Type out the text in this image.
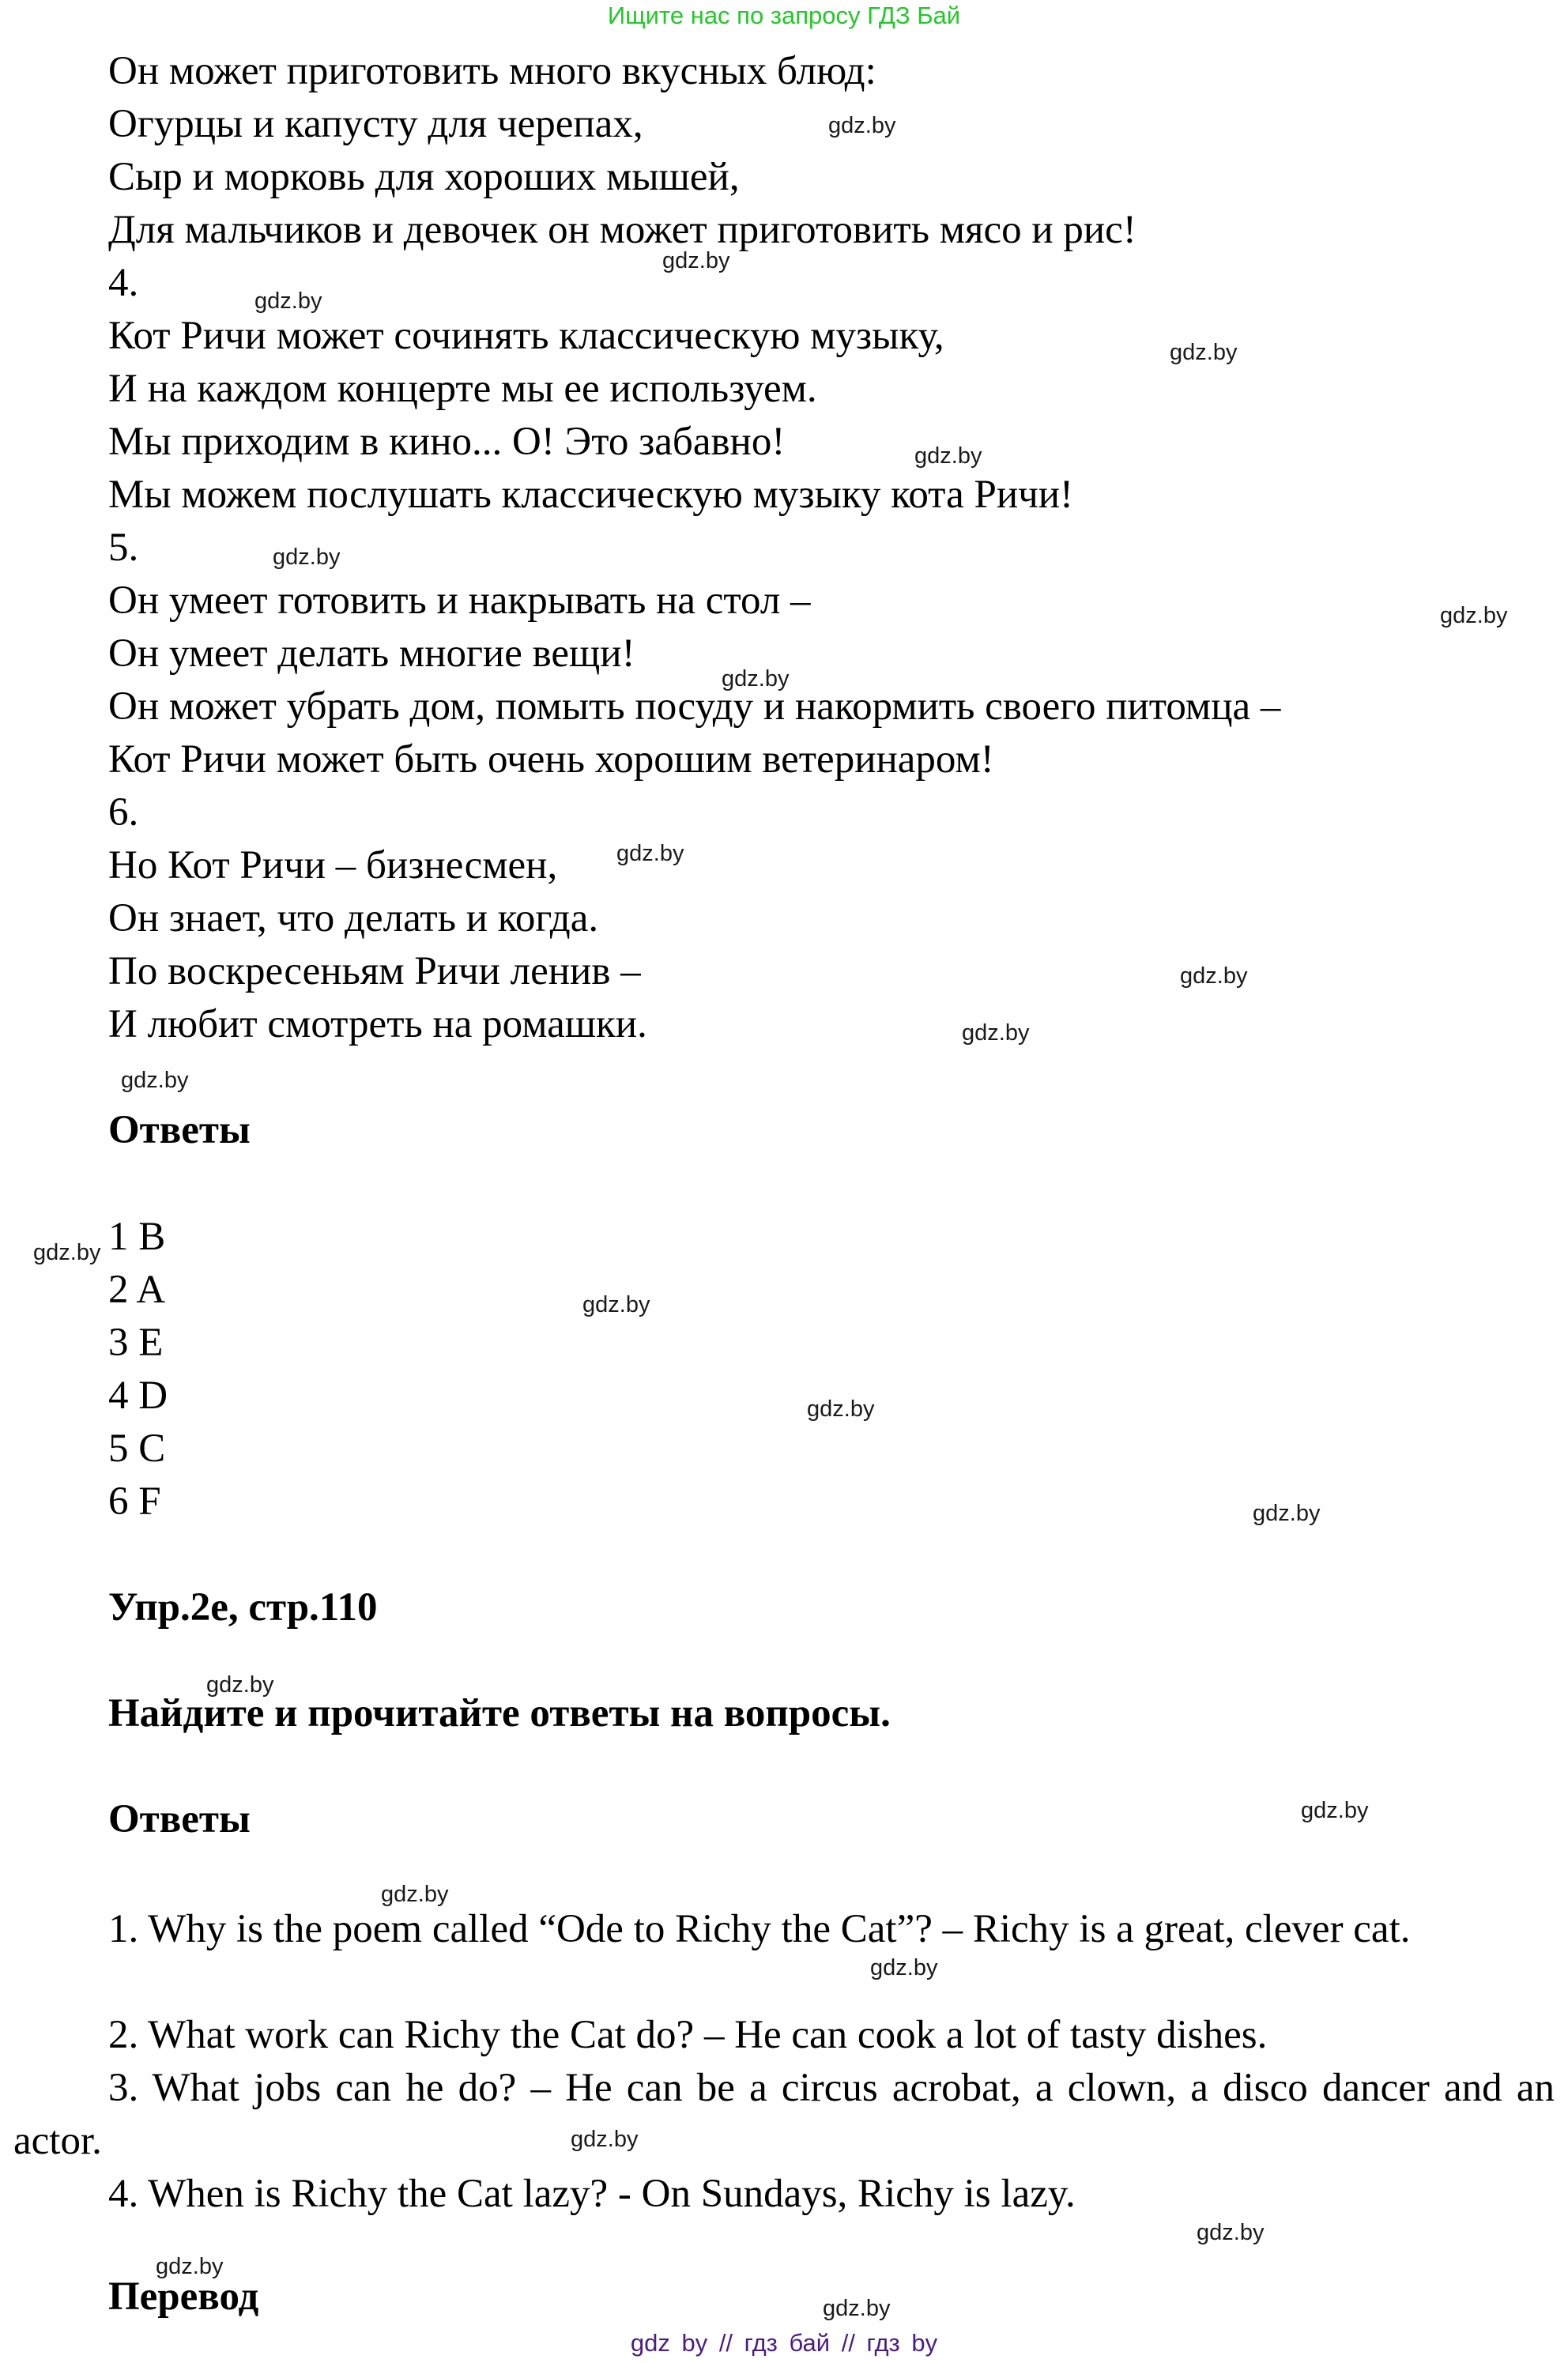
Ищите нас по запросу ГДЗ Бай
Он может приготовить много вкусных блюд:
Огурцы и капусту для черепах,
Сыр и морковь для хороших мышей,
Для мальчиков и девочек он может приготовить мясо и рис!
4.
Кот Ричи может сочинять классическую музыку,
И на каждом концерте мы ее используем.
Мы приходим в кино... О! Это забавно!
Мы можем послушать классическую музыку кота Ричи!
5.
Он умеет готовить и накрывать на стол –
Он умеет делать многие вещи!
Он может убрать дом, помыть посуду и накормить своего питомца –
Кот Ричи может быть очень хорошим ветеринаром!
6.
Но Кот Ричи – бизнесмен,
Он знает, что делать и когда.
По воскресеньям Ричи ленив –
И любит смотреть на ромашки.
Ответы
1 B
2 A
3 E
4 D
5 C
6 F
Упр.2е, стр.110
Найдите и прочитайте ответы на вопросы.
Ответы
1. Why is the poem called “Ode to Richy the Cat”? – Richy is a great, clever cat.
2. What work can Richy the Cat do? – He can cook a lot of tasty dishes.
3. What jobs can he do? – He can be a circus acrobat, a clown, a disco dancer and an actor.
4. When is Richy the Cat lazy? - On Sundays, Richy is lazy.
Перевод
gdz.by
gdz.by
gdz.by
gdz.by
gdz.by
gdz.by
gdz.by
gdz.by
gdz.by
gdz.by
gdz.by
gdz.by
gdz.by
gdz.by
gdz.by
gdz.by
gdz.by
gdz.by
gdz.by
gdz.by
gdz.by
gdz.by
gdz.by
gdz.by
gdz by // гдз бай // гдз by
